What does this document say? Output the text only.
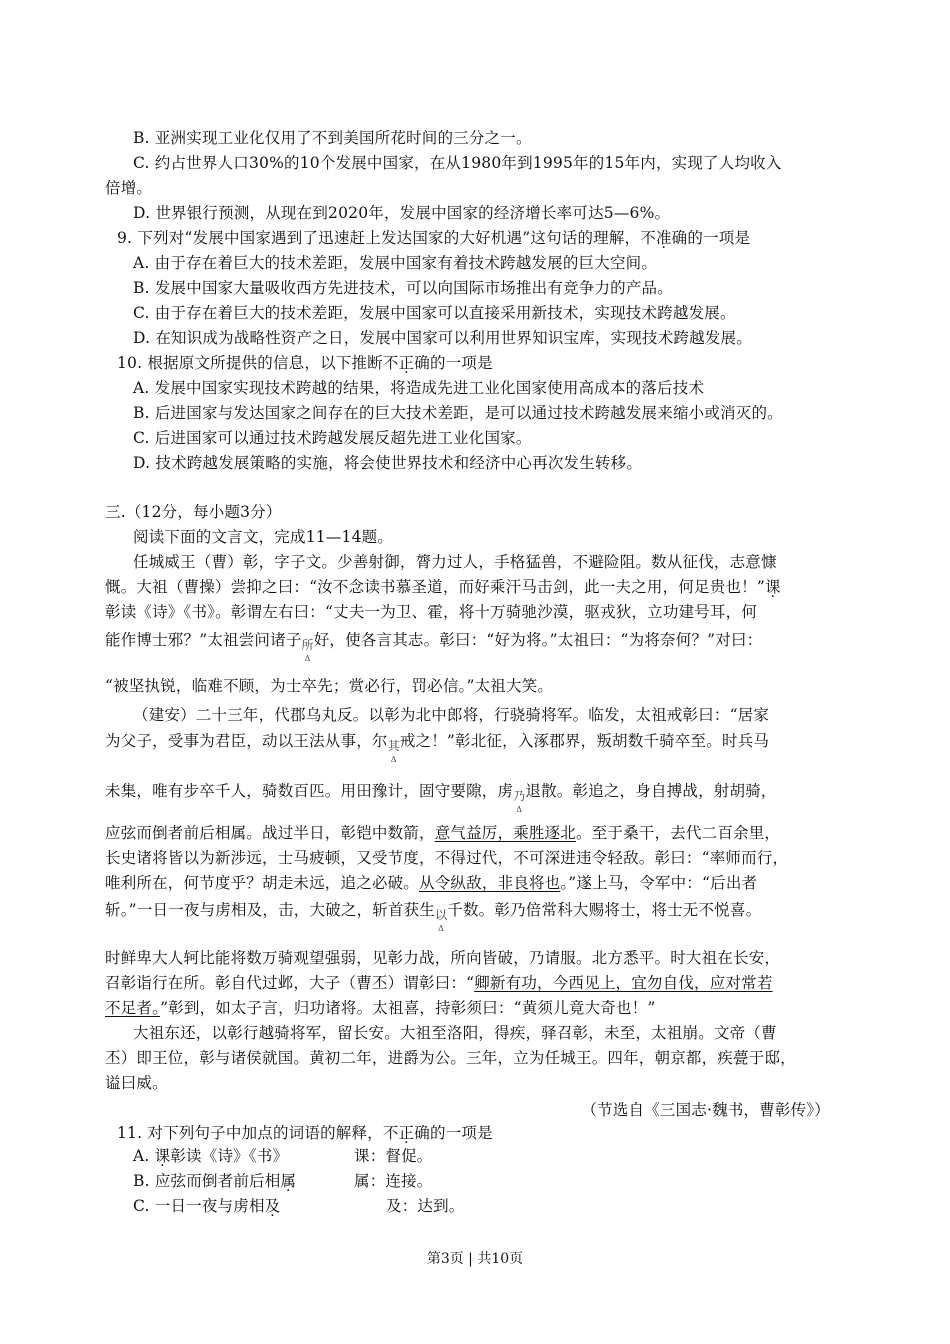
B. 亚洲实现工业化仅用了不到美国所花时间的三分之一。
C. 约占世界人口30%的10个发展中国家，在从1980年到1995年的15年内，实现了人均收入
倍增。
D. 世界银行预测，从现在到2020年，发展中国家的经济增长率可达5—6%。
9. 下列对“发展中国家遇到了迅速赶上发达国家的大好机遇”这句话的理解，不准确的一项是
A. 由于存在着巨大的技术差距，发展中国家有着技术跨越发展的巨大空间。
B. 发展中国家大量吸收西方先进技术，可以向国际市场推出有竞争力的产品。
C. 由于存在着巨大的技术差距，发展中国家可以直接采用新技术，实现技术跨越发展。
D. 在知识成为战略性资产之日，发展中国家可以利用世界知识宝库，实现技术跨越发展。
10. 根据原文所提供的信息，以下推断不正确的一项是
A. 发展中国家实现技术跨越的结果，将造成先进工业化国家使用高成本的落后技术
B. 后进国家与发达国家之间存在的巨大技术差距，是可以通过技术跨越发展来缩小或消灭的。
C. 后进国家可以通过技术跨越发展反超先进工业化国家。
D. 技术跨越发展策略的实施，将会使世界技术和经济中心再次发生转移。
三.（12分，每小题3分）
阅读下面的文言文，完成11—14题。
任城威王（曹）彰，字子文。少善射御，膂力过人，手格猛兽，不避险阻。数从征伐，志意慷
慨。大祖（曹操）尝抑之曰：“汝不念读书慕圣道，而好乘汗马击剑，此一夫之用，何足贵也！”课
彰读《诗》《书》。彰谓左右曰：“丈夫一为卫、霍，将十万骑驰沙漠，驱戎狄，立功建号耳，何
能作博士邪？”太祖尝问诸子所 Δ好，使各言其志。彰曰：“好为将。”太祖曰：“为将奈何？”对曰：
“被坚执锐，临难不顾，为士卒先；赏必行，罚必信。”太祖大笑。
（建安）二十三年，代郡乌丸反。以彰为北中郎将，行骁骑将军。临发，太祖戒彰曰：“居家
为父子，受事为君臣，动以王法从事，尔其 Δ戒之！”彰北征，入涿郡界，叛胡数千骑卒至。时兵马
未集，唯有步卒千人，骑数百匹。用田豫计，固守要隙，虏乃 Δ退散。彰追之，身自搏战，射胡骑，
应弦而倒者前后相属。战过半日，彰铠中数箭，意气益厉，乘胜逐北。至于桑干，去代二百余里，
长史诸将皆以为新涉远，士马疲顿，又受节度，不得过代，不可深进违令轻敌。彰曰：“率师而行，
唯利所在，何节度乎？胡走未远，追之必破。从令纵敌，非良将也。”遂上马，令军中：“后出者
斩。”一日一夜与虏相及，击，大破之，斩首获生以 Δ千数。彰乃倍常科大赐将士，将士无不悦喜。
时鲜卑大人轲比能将数万骑观望强弱，见彰力战，所向皆破，乃请服。北方悉平。时大祖在长安，
召彰诣行在所。彰自代过邺，大子（曹丕）谓彰曰：“卿新有功，今西见上，宜勿自伐，应对常若
不足者。”彰到，如太子言，归功诸将。太祖喜，持彰须曰：“黄须儿竟大奇也！”
大祖东还，以彰行越骑将军，留长安。大祖至洛阳，得疾，驿召彰，未至，太祖崩。文帝（曹
丕）即王位，彰与诸侯就国。黄初二年，进爵为公。三年，立为任城王。四年，朝京都，疾甍于邸，
谥曰威。
（节选自《三国志·魏书，曹彰传》）
11. 对下列句子中加点的词语的解释，不正确的一项是
A. 课彰读《诗》《书》	课：督促。
B. 应弦而倒者前后相属	属：连接。
C. 一日一夜与虏相及	及：达到。
第3页 | 共10页
